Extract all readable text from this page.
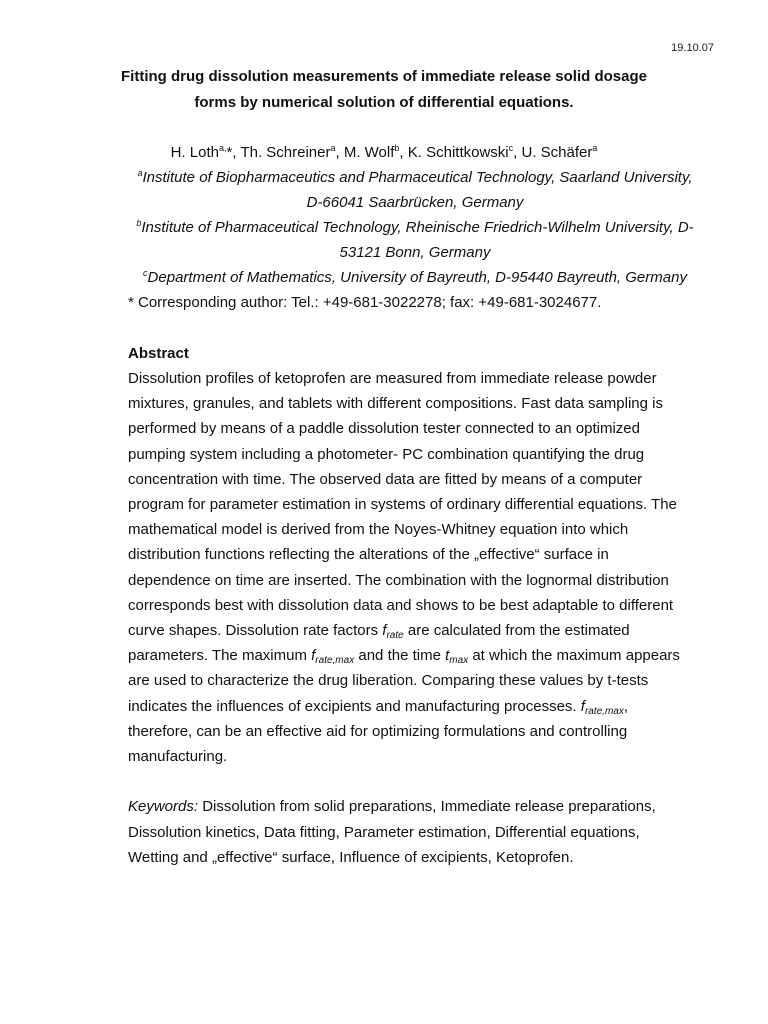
19.10.07
Fitting drug dissolution measurements of immediate release solid dosage
forms by numerical solution of differential equations.
H. Loth$^{a,}$*, Th. Schreiner$^a$, M. Wolf$^b$, K. Schittkowski$^c$, U. Schäfer$^a$
$^a$Institute of Biopharmaceutics and Pharmaceutical Technology, Saarland University,
D-66041 Saarbrücken, Germany
$^b$Institute of Pharmaceutical Technology, Rheinische Friedrich-Wilhelm University, D-
53121 Bonn, Germany
$^c$Department of Mathematics, University of Bayreuth, D-95440 Bayreuth, Germany
* Corresponding author: Tel.: +49-681-3022278; fax: +49-681-3024677.
Abstract
Dissolution profiles of ketoprofen are measured from immediate release powder
mixtures, granules, and tablets with different compositions. Fast data sampling is
performed by means of a paddle dissolution tester connected to an optimized
pumping system including a photometer- PC combination quantifying the drug
concentration with time. The observed data are fitted by means of a computer
program for parameter estimation in systems of ordinary differential equations. The
mathematical model is derived from the Noyes-Whitney equation into which
distribution functions reflecting the alterations of the „effective“ surface in
dependence on time are inserted. The combination with the lognormal distribution
corresponds best with dissolution data and shows to be best adaptable to different
curve shapes. Dissolution rate factors $f_{rate}$ are calculated from the estimated
parameters. The maximum $f_{rate,max}$ and the time $t_{max}$ at which the maximum appears
are used to characterize the drug liberation. Comparing these values by t-tests
indicates the influences of excipients and manufacturing processes. $f_{rate,max}$,
therefore, can be an effective aid for optimizing formulations and controlling
manufacturing.
Keywords: Dissolution from solid preparations, Immediate release preparations,
Dissolution kinetics, Data fitting, Parameter estimation, Differential equations,
Wetting and „effective“ surface, Influence of excipients, Ketoprofen.
